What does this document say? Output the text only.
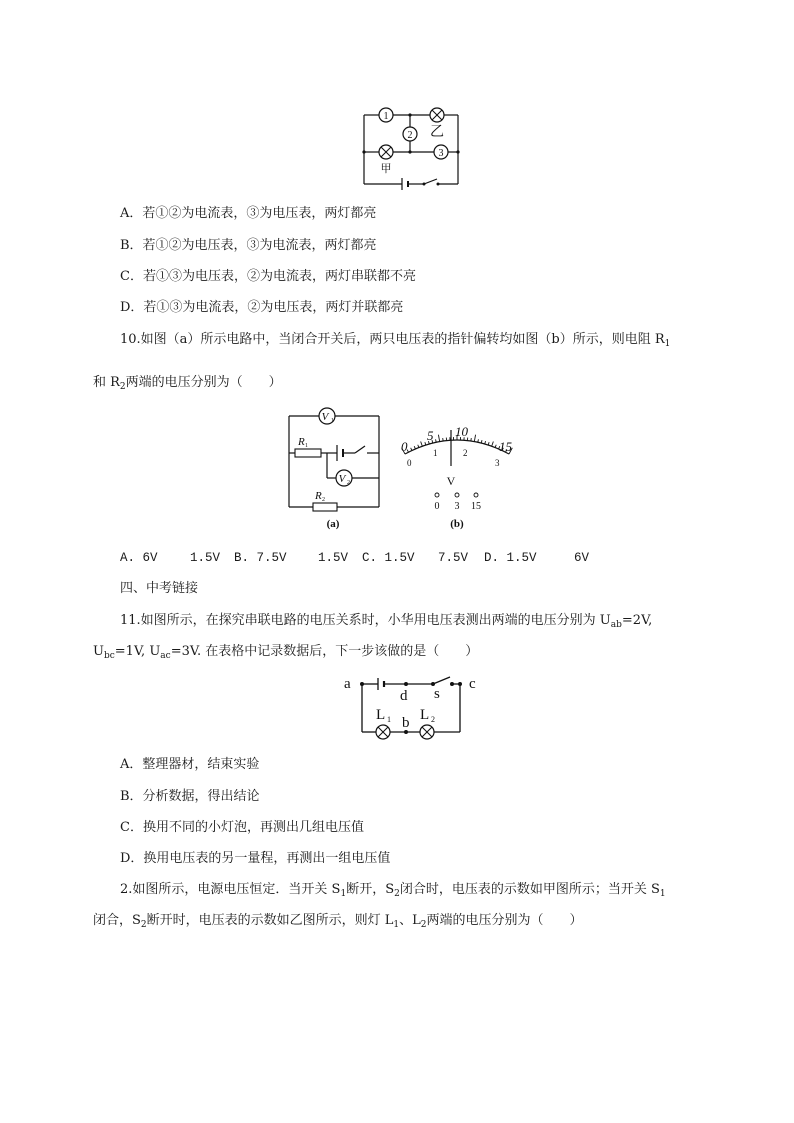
1
乙
2
甲
3
A．若①②为电流表，③为电压表，两灯都亮
B．若①②为电压表，③为电流表，两灯都亮
C．若①③为电压表，②为电流表，两灯串联都不亮
D．若①③为电流表，②为电压表，两灯并联都亮
10.如图（a）所示电路中，当闭合开关后，两只电压表的指针偏转均如图（b）所示，则电阻 $R_1$
和 $R_2$两端的电压分别为（　　）
V 1
V 2
R 1
R 2
(a)
0
5 10
15
0
1	2
3
V
0 3 15
(b)
A. 6V	1.5V B. 7.5V	1.5V C. 1.5V 7.5V D. 1.5V	6V
四、中考链接
11.如图所示，在探究串联电路的电压关系时，小华用电压表测出两端的电压分别为 $U_{ab}=2V$,
$U_{bc}=1V$, $U_{ac}=3V$. 在表格中记录数据后，下一步该做的是（　　）
a	c
d s
b
L 1 L 2
A．整理器材，结束实验
B．分析数据，得出结论
C．换用不同的小灯泡，再测出几组电压值
D．换用电压表的另一量程，再测出一组电压值
2.如图所示，电源电压恒定．当开关 $S_1$断开，$S_2$闭合时，电压表的示数如甲图所示；当开关 $S_1$
闭合，$S_2$断开时，电压表的示数如乙图所示，则灯 $L_1$、$L_2$两端的电压分别为（　　）
